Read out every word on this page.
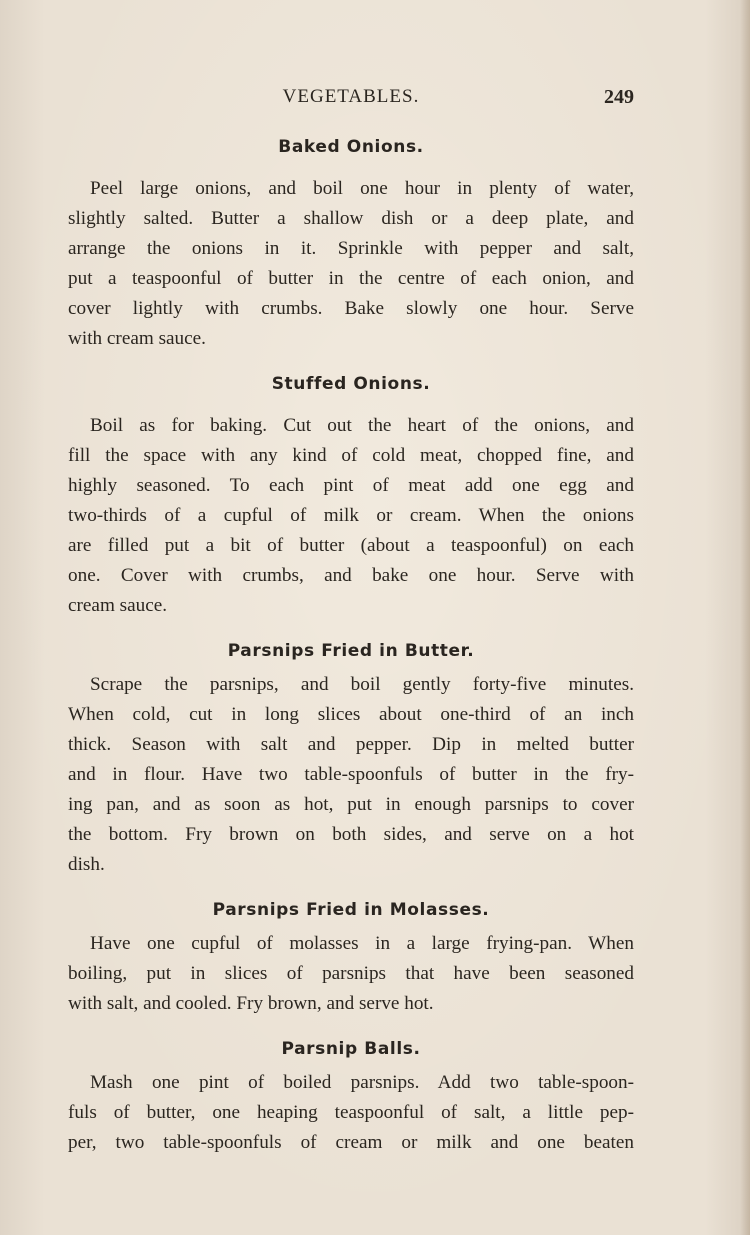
VEGETABLES.	249
Baked Onions.

Peel large onions, and boil one hour in plenty of water,
slightly salted. Butter a shallow dish or a deep plate, and
arrange the onions in it. Sprinkle with pepper and salt,
put a teaspoonful of butter in the centre of each onion, and
cover lightly with crumbs. Bake slowly one hour. Serve
with cream sauce.

Stuffed Onions.

Boil as for baking. Cut out the heart of the onions, and
fill the space with any kind of cold meat, chopped fine, and
highly seasoned. To each pint of meat add one egg and
two-thirds of a cupful of milk or cream. When the onions
are filled put a bit of butter (about a teaspoonful) on each
one. Cover with crumbs, and bake one hour. Serve with
cream sauce.

Parsnips Fried in Butter.

Scrape the parsnips, and boil gently forty-five minutes.
When cold, cut in long slices about one-third of an inch
thick. Season with salt and pepper. Dip in melted butter
and in flour. Have two table-spoonfuls of butter in the fry-
ing pan, and as soon as hot, put in enough parsnips to cover
the bottom. Fry brown on both sides, and serve on a hot
dish.

Parsnips Fried in Molasses.

Have one cupful of molasses in a large frying-pan. When
boiling, put in slices of parsnips that have been seasoned
with salt, and cooled. Fry brown, and serve hot.

Parsnip Balls.

Mash one pint of boiled parsnips. Add two table-spoon-
fuls of butter, one heaping teaspoonful of salt, a little pep-
per, two table-spoonfuls of cream or milk and one beaten
